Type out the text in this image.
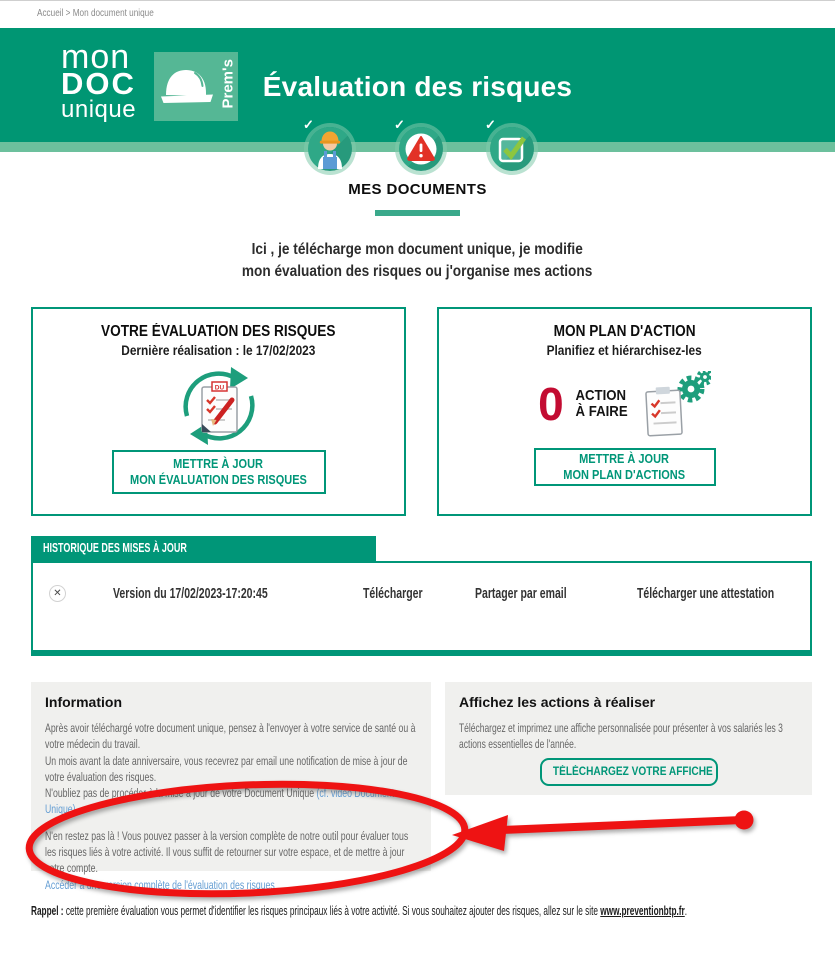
Accueil > Mon document unique
mon
DOC
unique
Prem's Évaluation des risques
✓	✓	✓
MES DOCUMENTS

Ici , je télécharge mon document unique, je modifie
mon évaluation des risques ou j'organise mes actions

VOTRE ÉVALUATION DES RISQUES
Dernière réalisation : le 17/02/2023
DU
METTRE À JOUR
MON ÉVALUATION DES RISQUES
MON PLAN D'ACTION
Planifiez et hiérarchisez-les
0 ACTION
À FAIRE
METTRE À JOUR
MON PLAN D'ACTIONS
HISTORIQUE DES MISES À JOUR
✕	Version du 17/02/2023-17:20:45	Télécharger	Partager par email	Télécharger une attestation
Information
Après avoir téléchargé votre document unique, pensez à l'envoyer à votre service de santé ou à votre médecin du travail.
Un mois avant la date anniversaire, vous recevrez par email une notification de mise à jour de votre évaluation des risques.
N'oubliez pas de procéder à la mise à jour de votre Document Unique (cf. vidéo Document Unique)
N'en restez pas là ! Vous pouvez passer à la version complète de notre outil pour évaluer tous les risques liés à votre activité. Il vous suffit de retourner sur votre espace, et de mettre à jour votre compte.
Accéder à une version complète de l'évaluation des risques
Affichez les actions à réaliser
Téléchargez et imprimez une affiche personnalisée pour présenter à vos salariés les 3 actions essentielles de l'année.
TÉLÉCHARGEZ VOTRE AFFICHE
Rappel : cette première évaluation vous permet d'identifier les risques principaux liés à votre activité. Si vous souhaitez ajouter des risques, allez sur le site www.preventionbtp.fr.
